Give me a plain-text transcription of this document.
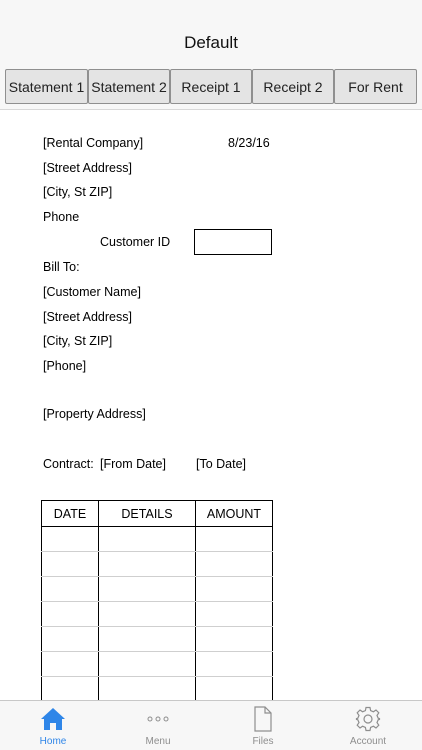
Default
Statement 1 Statement 2	Receipt 1	Receipt 2	For Rent
[Rental Company]	8/23/16
[Street Address]
[City, St ZIP]
Phone
Customer ID
Bill To:
[Customer Name]
[Street Address]
[City, St ZIP]
[Phone]
[Property Address]
Contract: [From Date] [To Date]
DATE	DETAILS	AMOUNT

Home	Menu	Files	Account
